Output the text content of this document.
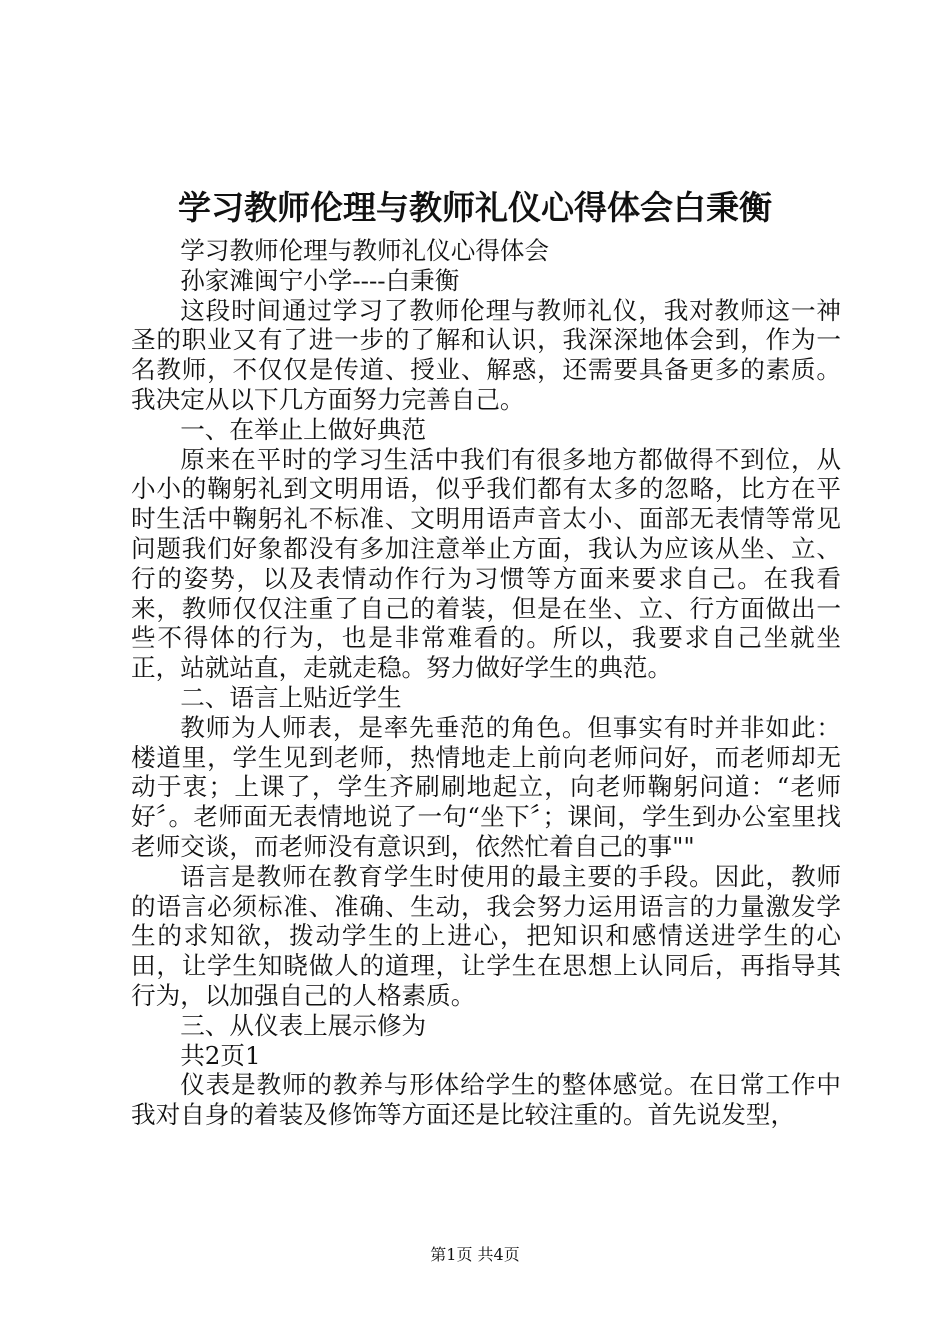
学习教师伦理与教师礼仪心得体会白秉衡

学习教师伦理与教师礼仪心得体会

孙家滩闽宁小学----白秉衡

这段时间通过学习了教师伦理与教师礼仪，我对教师这一神圣的职业又有了进一步的了解和认识，我深深地体会到，作为一名教师，不仅仅是传道、授业、解惑，还需要具备更多的素质。我决定从以下几方面努力完善自己。

一、在举止上做好典范

原来在平时的学习生活中我们有很多地方都做得不到位，从小小的鞠躬礼到文明用语，似乎我们都有太多的忽略，比方在平时生活中鞠躬礼不标准、文明用语声音太小、面部无表情等常见问题我们好象都没有多加注意举止方面，我认为应该从坐、立、行的姿势，以及表情动作行为习惯等方面来要求自己。在我看来，教师仅仅注重了自己的着装，但是在坐、立、行方面做出一些不得体的行为，也是非常难看的。所以，我要求自己坐就坐正，站就站直，走就走稳。努力做好学生的典范。

二、语言上贴近学生

教师为人师表，是率先垂范的角色。但事实有时并非如此：楼道里，学生见到老师，热情地走上前向老师问好，而老师却无动于衷；上课了，学生齐刷刷地起立，向老师鞠躬问道：“老师好〞。老师面无表情地说了一句“坐下〞；课间，学生到办公室里找老师交谈，而老师没有意识到，依然忙着自己的事""

语言是教师在教育学生时使用的最主要的手段。因此，教师的语言必须标准、准确、生动，我会努力运用语言的力量激发学生的求知欲，拨动学生的上进心，把知识和感情送进学生的心田，让学生知晓做人的道理，让学生在思想上认同后，再指导其行为，以加强自己的人格素质。

三、从仪表上展示修为

共2页1

仪表是教师的教养与形体给学生的整体感觉。在日常工作中我对自身的着装及修饰等方面还是比较注重的。首先说发型，

第1页 共4页
